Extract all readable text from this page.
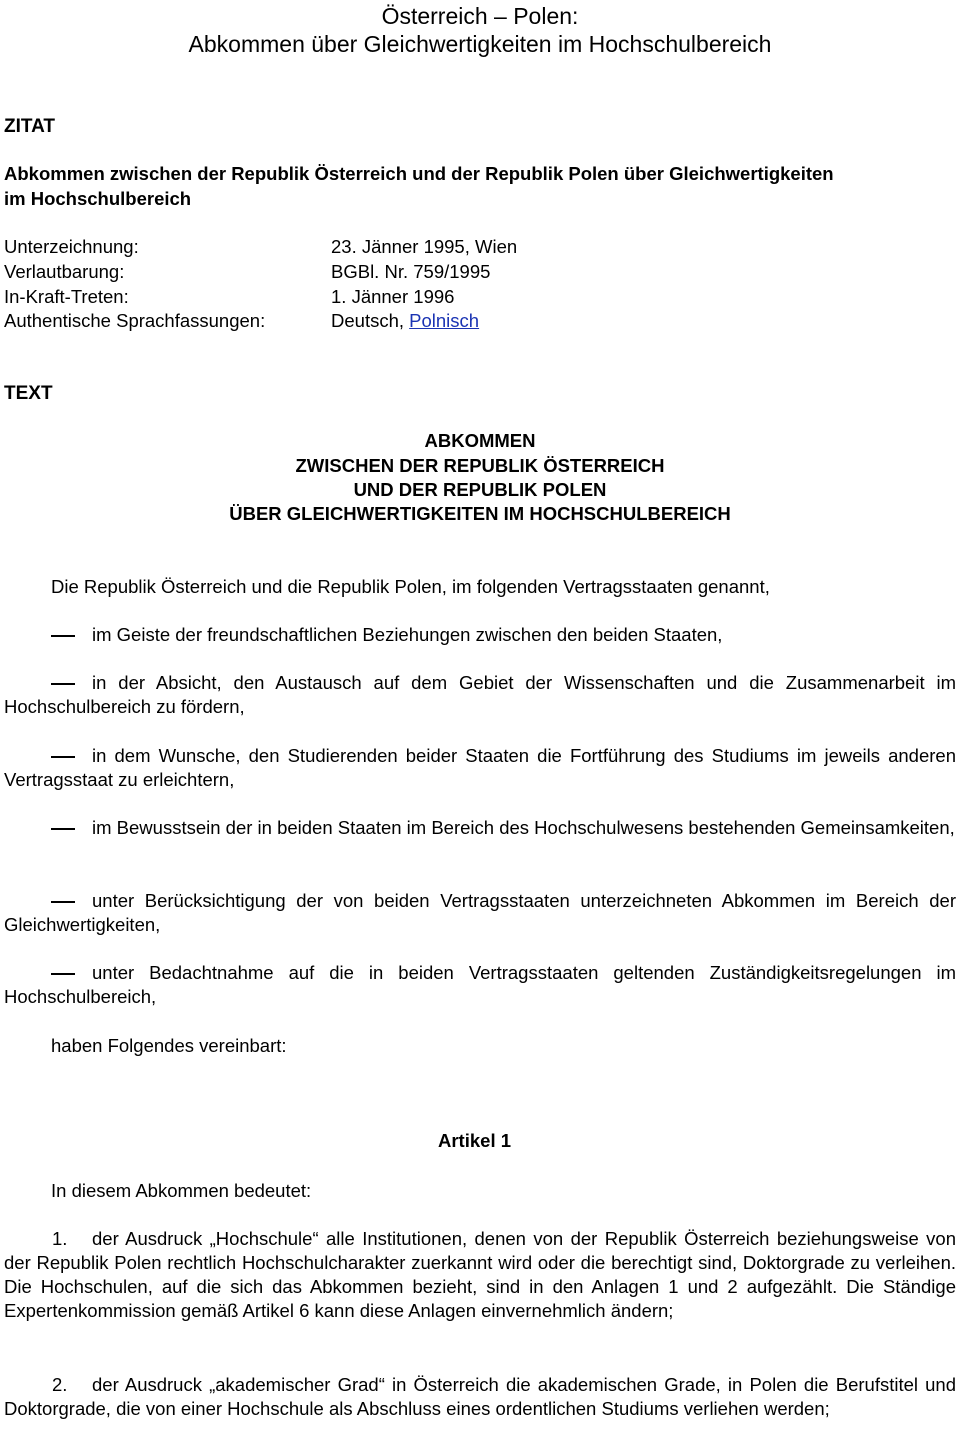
Österreich – Polen:
Abkommen über Gleichwertigkeiten im Hochschulbereich
ZITAT
Abkommen zwischen der Republik Österreich und der Republik Polen über Gleichwertigkeiten
im Hochschulbereich
Unterzeichnung:	23. Jänner 1995, Wien
Verlautbarung:	BGBl. Nr. 759/1995
In-Kraft-Treten:	1. Jänner 1996
Authentische Sprachfassungen:	Deutsch, Polnisch
TEXT
ABKOMMEN
ZWISCHEN DER REPUBLIK ÖSTERREICH
UND DER REPUBLIK POLEN
ÜBER GLEICHWERTIGKEITEN IM HOCHSCHULBEREICH
Die Republik Österreich und die Republik Polen, im folgenden Vertragsstaaten genannt,
im Geiste der freundschaftlichen Beziehungen zwischen den beiden Staaten,
in der Absicht, den Austausch auf dem Gebiet der Wissenschaften und die Zusammenarbeit im Hochschulbereich zu fördern,
in dem Wunsche, den Studierenden beider Staaten die Fortführung des Studiums im jeweils anderen Vertragsstaat zu erleichtern,
im Bewusstsein der in beiden Staaten im Bereich des Hochschulwesens bestehenden Gemeinsamkeiten,
unter Berücksichtigung der von beiden Vertragsstaaten unterzeichneten Abkommen im Bereich der Gleichwertigkeiten,
unter Bedachtnahme auf die in beiden Vertragsstaaten geltenden Zuständigkeitsregelungen im Hochschulbereich,
haben Folgendes vereinbart:
Artikel 1
In diesem Abkommen bedeutet:
1. der Ausdruck „Hochschule“ alle Institutionen, denen von der Republik Österreich beziehungsweise von der Republik Polen rechtlich Hochschulcharakter zuerkannt wird oder die berechtigt sind, Doktorgrade zu verleihen. Die Hochschulen, auf die sich das Abkommen bezieht, sind in den Anlagen 1 und 2 aufgezählt. Die Ständige Expertenkommission gemäß Artikel 6 kann diese Anlagen einvernehmlich ändern;
2. der Ausdruck „akademischer Grad“ in Österreich die akademischen Grade, in Polen die Berufstitel und Doktorgrade, die von einer Hochschule als Abschluss eines ordentlichen Studiums verliehen werden;
